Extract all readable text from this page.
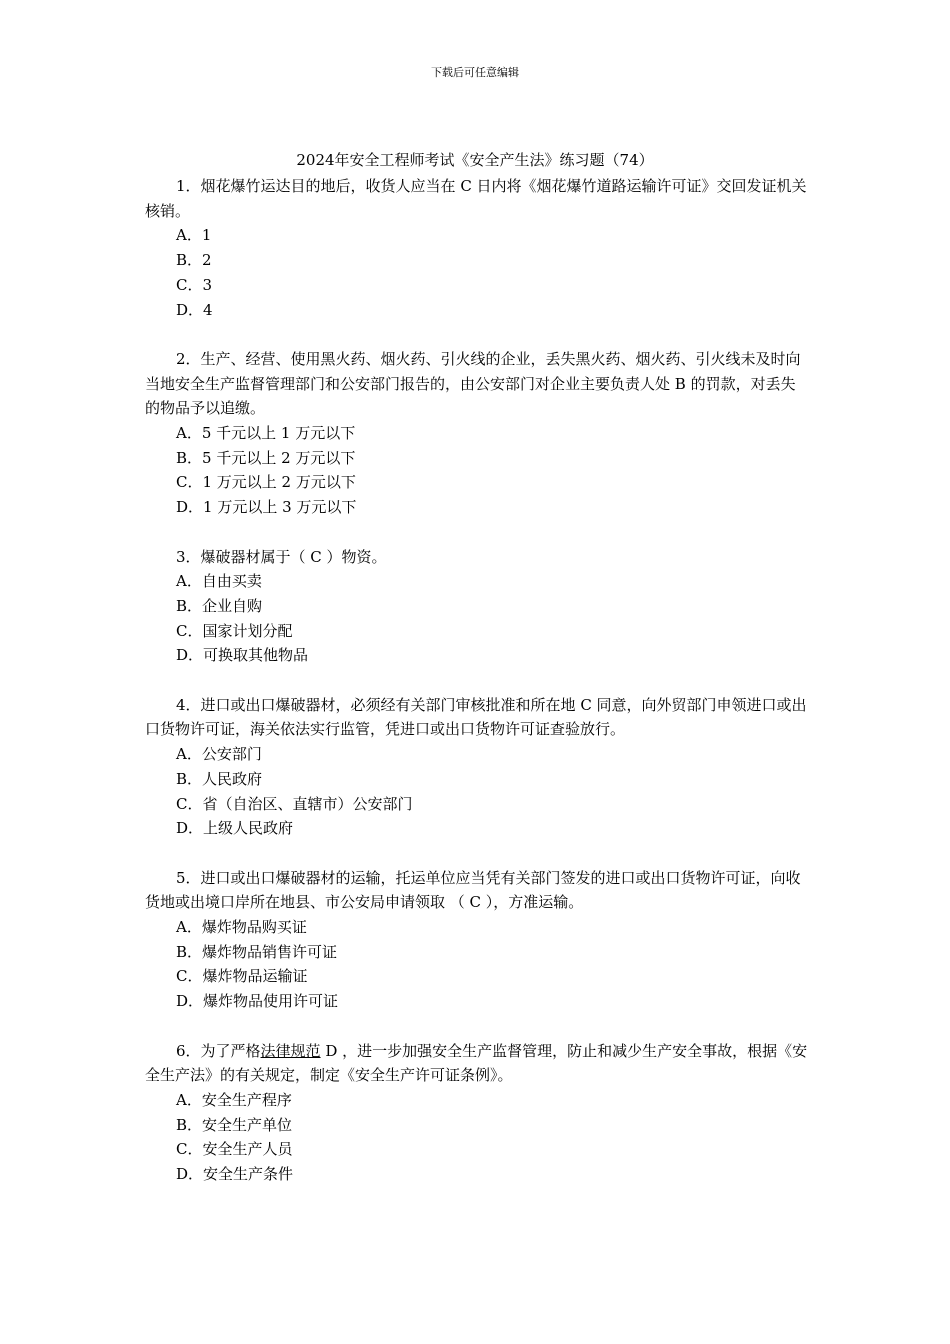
下载后可任意编辑
2024年安全工程师考试《安全产生法》练习题（74）

1．烟花爆竹运达目的地后，收货人应当在 C 日内将《烟花爆竹道路运输许可证》交回发证机关核销。

A．1

B．2

C．3

D．4

2．生产、经营、使用黑火药、烟火药、引火线的企业，丢失黑火药、烟火药、引火线未及时向当地安全生产监督管理部门和公安部门报告的，由公安部门对企业主要负责人处 B 的罚款，对丢失的物品予以追缴。

A．5 千元以上 1 万元以下

B．5 千元以上 2 万元以下

C．1 万元以上 2 万元以下

D．1 万元以上 3 万元以下

3．爆破器材属于（ C ）物资。

A．自由买卖

B．企业自购

C．国家计划分配

D．可换取其他物品

4．进口或出口爆破器材，必须经有关部门审核批准和所在地 C 同意，向外贸部门申领进口或出口货物许可证，海关依法实行监管，凭进口或出口货物许可证查验放行。

A．公安部门

B．人民政府

C．省（自治区、直辖市）公安部门

D．上级人民政府

5．进口或出口爆破器材的运输，托运单位应当凭有关部门签发的进口或出口货物许可证，向收货地或出境口岸所在地县、市公安局申请领取 （ C ），方准运输。

A．爆炸物品购买证

B．爆炸物品销售许可证

C．爆炸物品运输证

D．爆炸物品使用许可证

6．为了严格法律规范 D ，进一步加强安全生产监督管理，防止和减少生产安全事故，根据《安全生产法》的有关规定，制定《安全生产许可证条例》。

A．安全生产程序

B．安全生产单位

C．安全生产人员

D．安全生产条件
